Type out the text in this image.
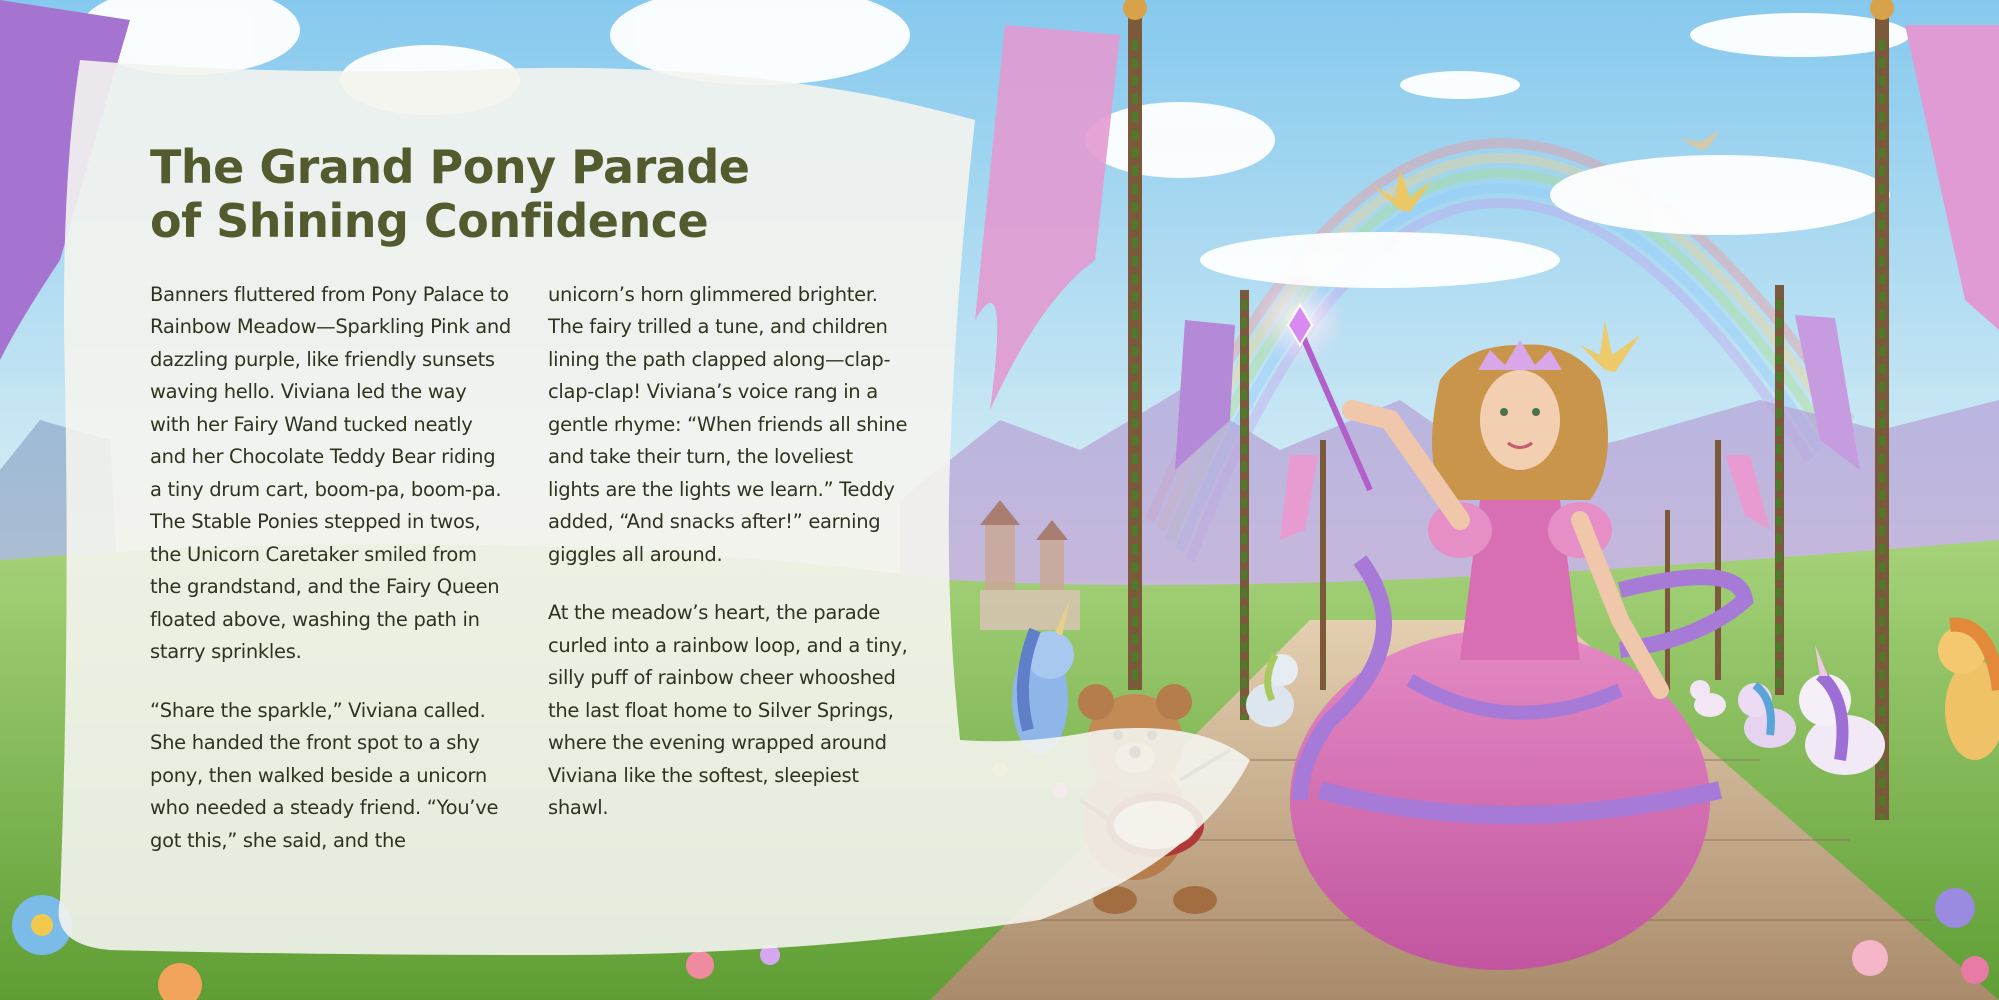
The Grand Pony Parade of Shining Confidence

Banners fluttered from Pony Palace to Rainbow Meadow—Sparkling Pink and dazzling purple, like friendly sunsets waving hello. Viviana led the way with her Fairy Wand tucked neatly and her Chocolate Teddy Bear riding a tiny drum cart, boom-pa, boom-pa. The Stable Ponies stepped in twos, the Unicorn Caretaker smiled from the grandstand, and the Fairy Queen floated above, washing the path in starry sprinkles.

“Share the sparkle,” Viviana called. She handed the front spot to a shy pony, then walked beside a unicorn who needed a steady friend. “You’ve got this,” she said, and the

unicorn’s horn glimmered brighter. The fairy trilled a tune, and children lining the path clapped along—clap-clap-clap! Viviana’s voice rang in a gentle rhyme: “When friends all shine and take their turn, the loveliest lights are the lights we learn.” Teddy added, “And snacks after!” earning giggles all around.

At the meadow’s heart, the parade curled into a rainbow loop, and a tiny, silly puff of rainbow cheer whooshed the last float home to Silver Springs, where the evening wrapped around Viviana like the softest, sleepiest shawl.
